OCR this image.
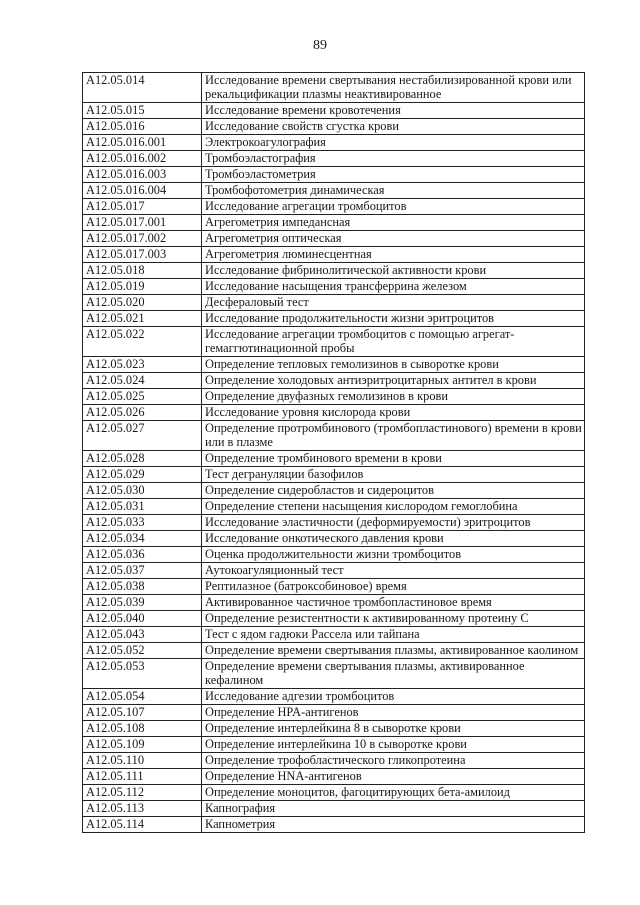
89
A12.05.014	Исследование времени свертывания нестабилизированной крови или рекальцификации плазмы неактивированное
A12.05.015	Исследование времени кровотечения
A12.05.016	Исследование свойств сгустка крови
A12.05.016.001	Электрокоагулография
A12.05.016.002	Тромбоэластография
A12.05.016.003	Тромбоэластометрия
A12.05.016.004	Тромбофотометрия динамическая
A12.05.017	Исследование агрегации тромбоцитов
A12.05.017.001	Агрегометрия импедансная
A12.05.017.002	Агрегометрия оптическая
A12.05.017.003	Агрегометрия люминесцентная
A12.05.018	Исследование фибринолитической активности крови
A12.05.019	Исследование насыщения трансферрина железом
A12.05.020	Десфераловый тест
A12.05.021	Исследование продолжительности жизни эритроцитов
A12.05.022	Исследование агрегации тромбоцитов с помощью агрегат-гемаггютинационной пробы
A12.05.023	Определение тепловых гемолизинов в сыворотке крови
A12.05.024	Определение холодовых антиэритроцитарных антител в крови
A12.05.025	Определение двуфазных гемолизинов в крови
A12.05.026	Исследование уровня кислорода крови
A12.05.027	Определение протромбинового (тромбопластинового) времени в крови или в плазме
A12.05.028	Определение тромбинового времени в крови
A12.05.029	Тест дегрануляции базофилов
A12.05.030	Определение сидеробластов и сидероцитов
A12.05.031	Определение степени насыщения кислородом гемоглобина
A12.05.033	Исследование эластичности (деформируемости) эритроцитов
A12.05.034	Исследование онкотического давления крови
A12.05.036	Оценка продолжительности жизни тромбоцитов
A12.05.037	Аутокоагуляционный тест
A12.05.038	Рептилазное (батроксобиновое) время
A12.05.039	Активированное частичное тромбопластиновое время
A12.05.040	Определение резистентности к активированному протеину C
A12.05.043	Тест с ядом гадюки Рассела или тайпана
A12.05.052	Определение времени свертывания плазмы, активированное каолином
A12.05.053	Определение времени свертывания плазмы, активированное кефалином
A12.05.054	Исследование адгезии тромбоцитов
A12.05.107	Определение HPA-антигенов
A12.05.108	Определение интерлейкина 8 в сыворотке крови
A12.05.109	Определение интерлейкина 10 в сыворотке крови
A12.05.110	Определение трофобластического гликопротеина
A12.05.111	Определение HNA-антигенов
A12.05.112	Определение моноцитов, фагоцитирующих бета-амилоид
A12.05.113	Капнография
A12.05.114	Капнометрия
